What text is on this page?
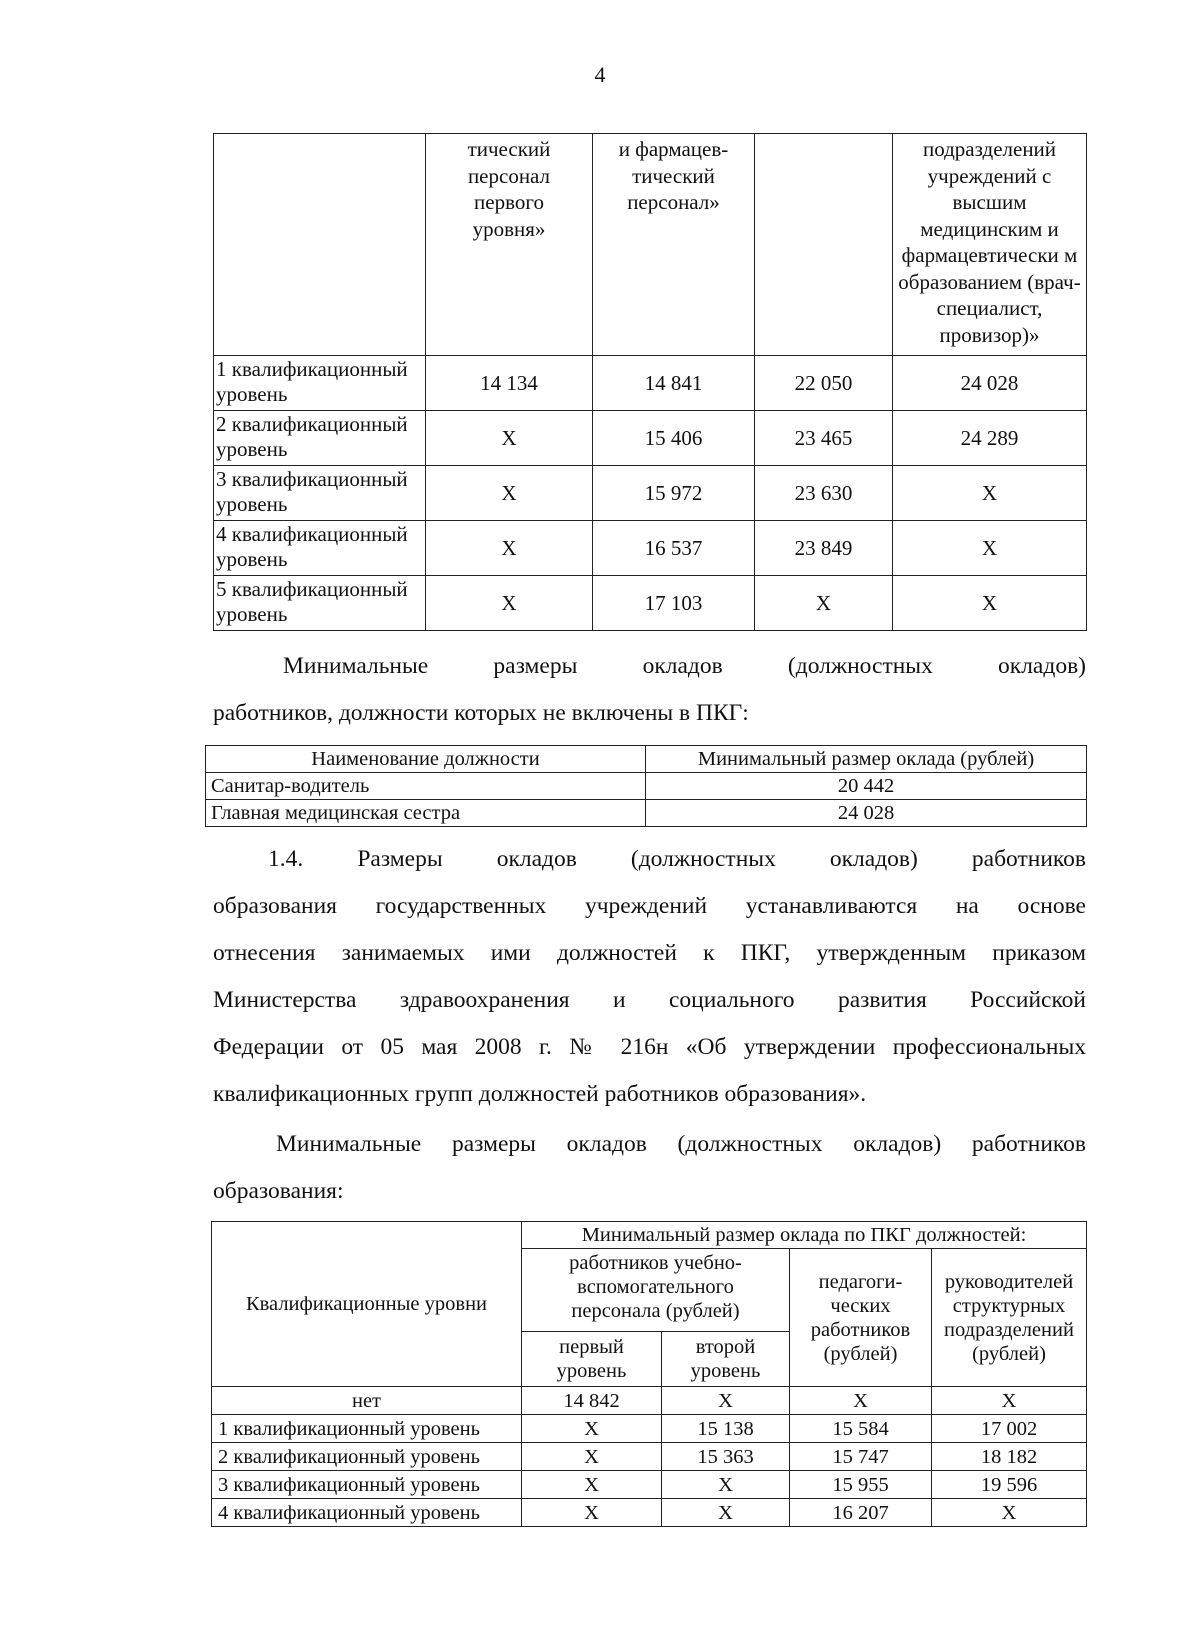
4
	тический персонал первого уровня»	и фармацев-тический персонал»		подразделений учреждений с высшим медицинским и фармацевтически м образованием (врач-специалист, провизор)»
1 квалификационный уровень	14 134	14 841	22 050	24 028
2 квалификационный уровень	X	15 406	23 465	24 289
3 квалификационный уровень	X	15 972	23 630	X
4 квалификационный уровень	X	16 537	23 849	X
5 квалификационный уровень	X	17 103	X	X
Минимальные размеры окладов (должностных окладов)
работников, должности которых не включены в ПКГ:
Наименование должности	Минимальный размер оклада (рублей)
Санитар-водитель	20 442
Главная медицинская сестра	24 028
1.4. Размеры окладов (должностных окладов) работников
образования государственных учреждений устанавливаются на основе
отнесения занимаемых ими должностей к ПКГ, утвержденным приказом
Министерства здравоохранения и социального развития Российской
Федерации от 05 мая 2008 г. № 216н «Об утверждении профессиональных
квалификационных групп должностей работников образования».
Минимальные размеры окладов (должностных окладов) работников
образования:
Квалификационные уровни	Минимальный размер оклада по ПКГ должностей:			
	работников учебно-вспомогательного персонала (рублей)		педагоги-ческих работников (рублей)	руководителей структурных подразделений (рублей)
	первый уровень	второй уровень		
нет	14 842	X	X	X
1 квалификационный уровень	X	15 138	15 584	17 002
2 квалификационный уровень	X	15 363	15 747	18 182
3 квалификационный уровень	X	X	15 955	19 596
4 квалификационный уровень	X	X	16 207	X
